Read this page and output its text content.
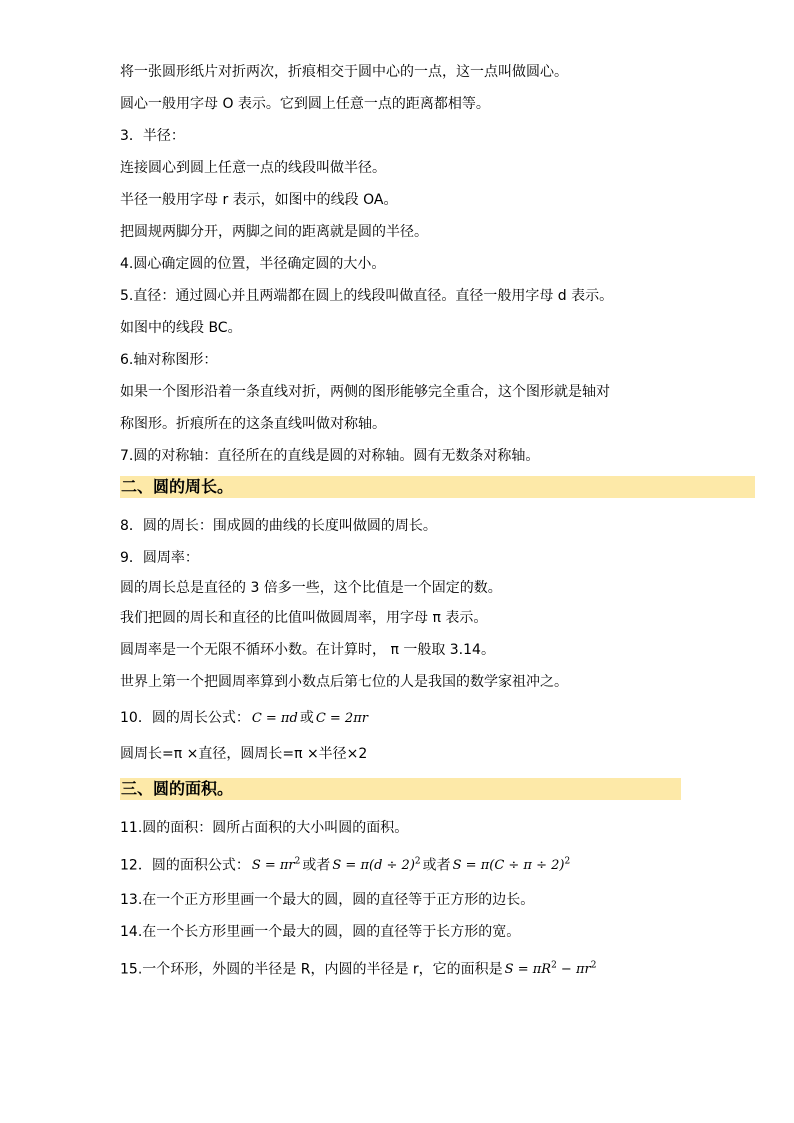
将一张圆形纸片对折两次，折痕相交于圆中心的一点，这一点叫做圆心。
圆心一般用字母 O 表示。它到圆上任意一点的距离都相等。
3．半径：
连接圆心到圆上任意一点的线段叫做半径。
半径一般用字母 r 表示，如图中的线段 OA。
把圆规两脚分开，两脚之间的距离就是圆的半径。
4.圆心确定圆的位置，半径确定圆的大小。
5.直径：通过圆心并且两端都在圆上的线段叫做直径。直径一般用字母 d 表示。
如图中的线段 BC。
6.轴对称图形：
如果一个图形沿着一条直线对折，两侧的图形能够完全重合，这个图形就是轴对
称图形。折痕所在的这条直线叫做对称轴。
7.圆的对称轴：直径所在的直线是圆的对称轴。圆有无数条对称轴。
二、圆的周长。
8．圆的周长：围成圆的曲线的长度叫做圆的周长。
9．圆周率：
圆的周长总是直径的 3 倍多一些，这个比值是一个固定的数。
我们把圆的周长和直径的比值叫做圆周率，用字母 π 表示。
圆周率是一个无限不循环小数。在计算时， π 一般取 3.14。
世界上第一个把圆周率算到小数点后第七位的人是我国的数学家祖冲之。
10．圆的周长公式： C = πd 或 C = 2πr
圆周长=π ×直径，圆周长=π ×半径×2
三、圆的面积。
11.圆的面积：圆所占面积的大小叫圆的面积。
12．圆的面积公式： $S = \pi r^2$ 或者 $S = \pi(d \div 2)^2$ 或者 $S = \pi(C \div \pi \div 2)^2$
13.在一个正方形里画一个最大的圆，圆的直径等于正方形的边长。
14.在一个长方形里画一个最大的圆，圆的直径等于长方形的宽。
15.一个环形，外圆的半径是 R，内圆的半径是 r，它的面积是 $S = \pi R^2 - \pi r^2$
